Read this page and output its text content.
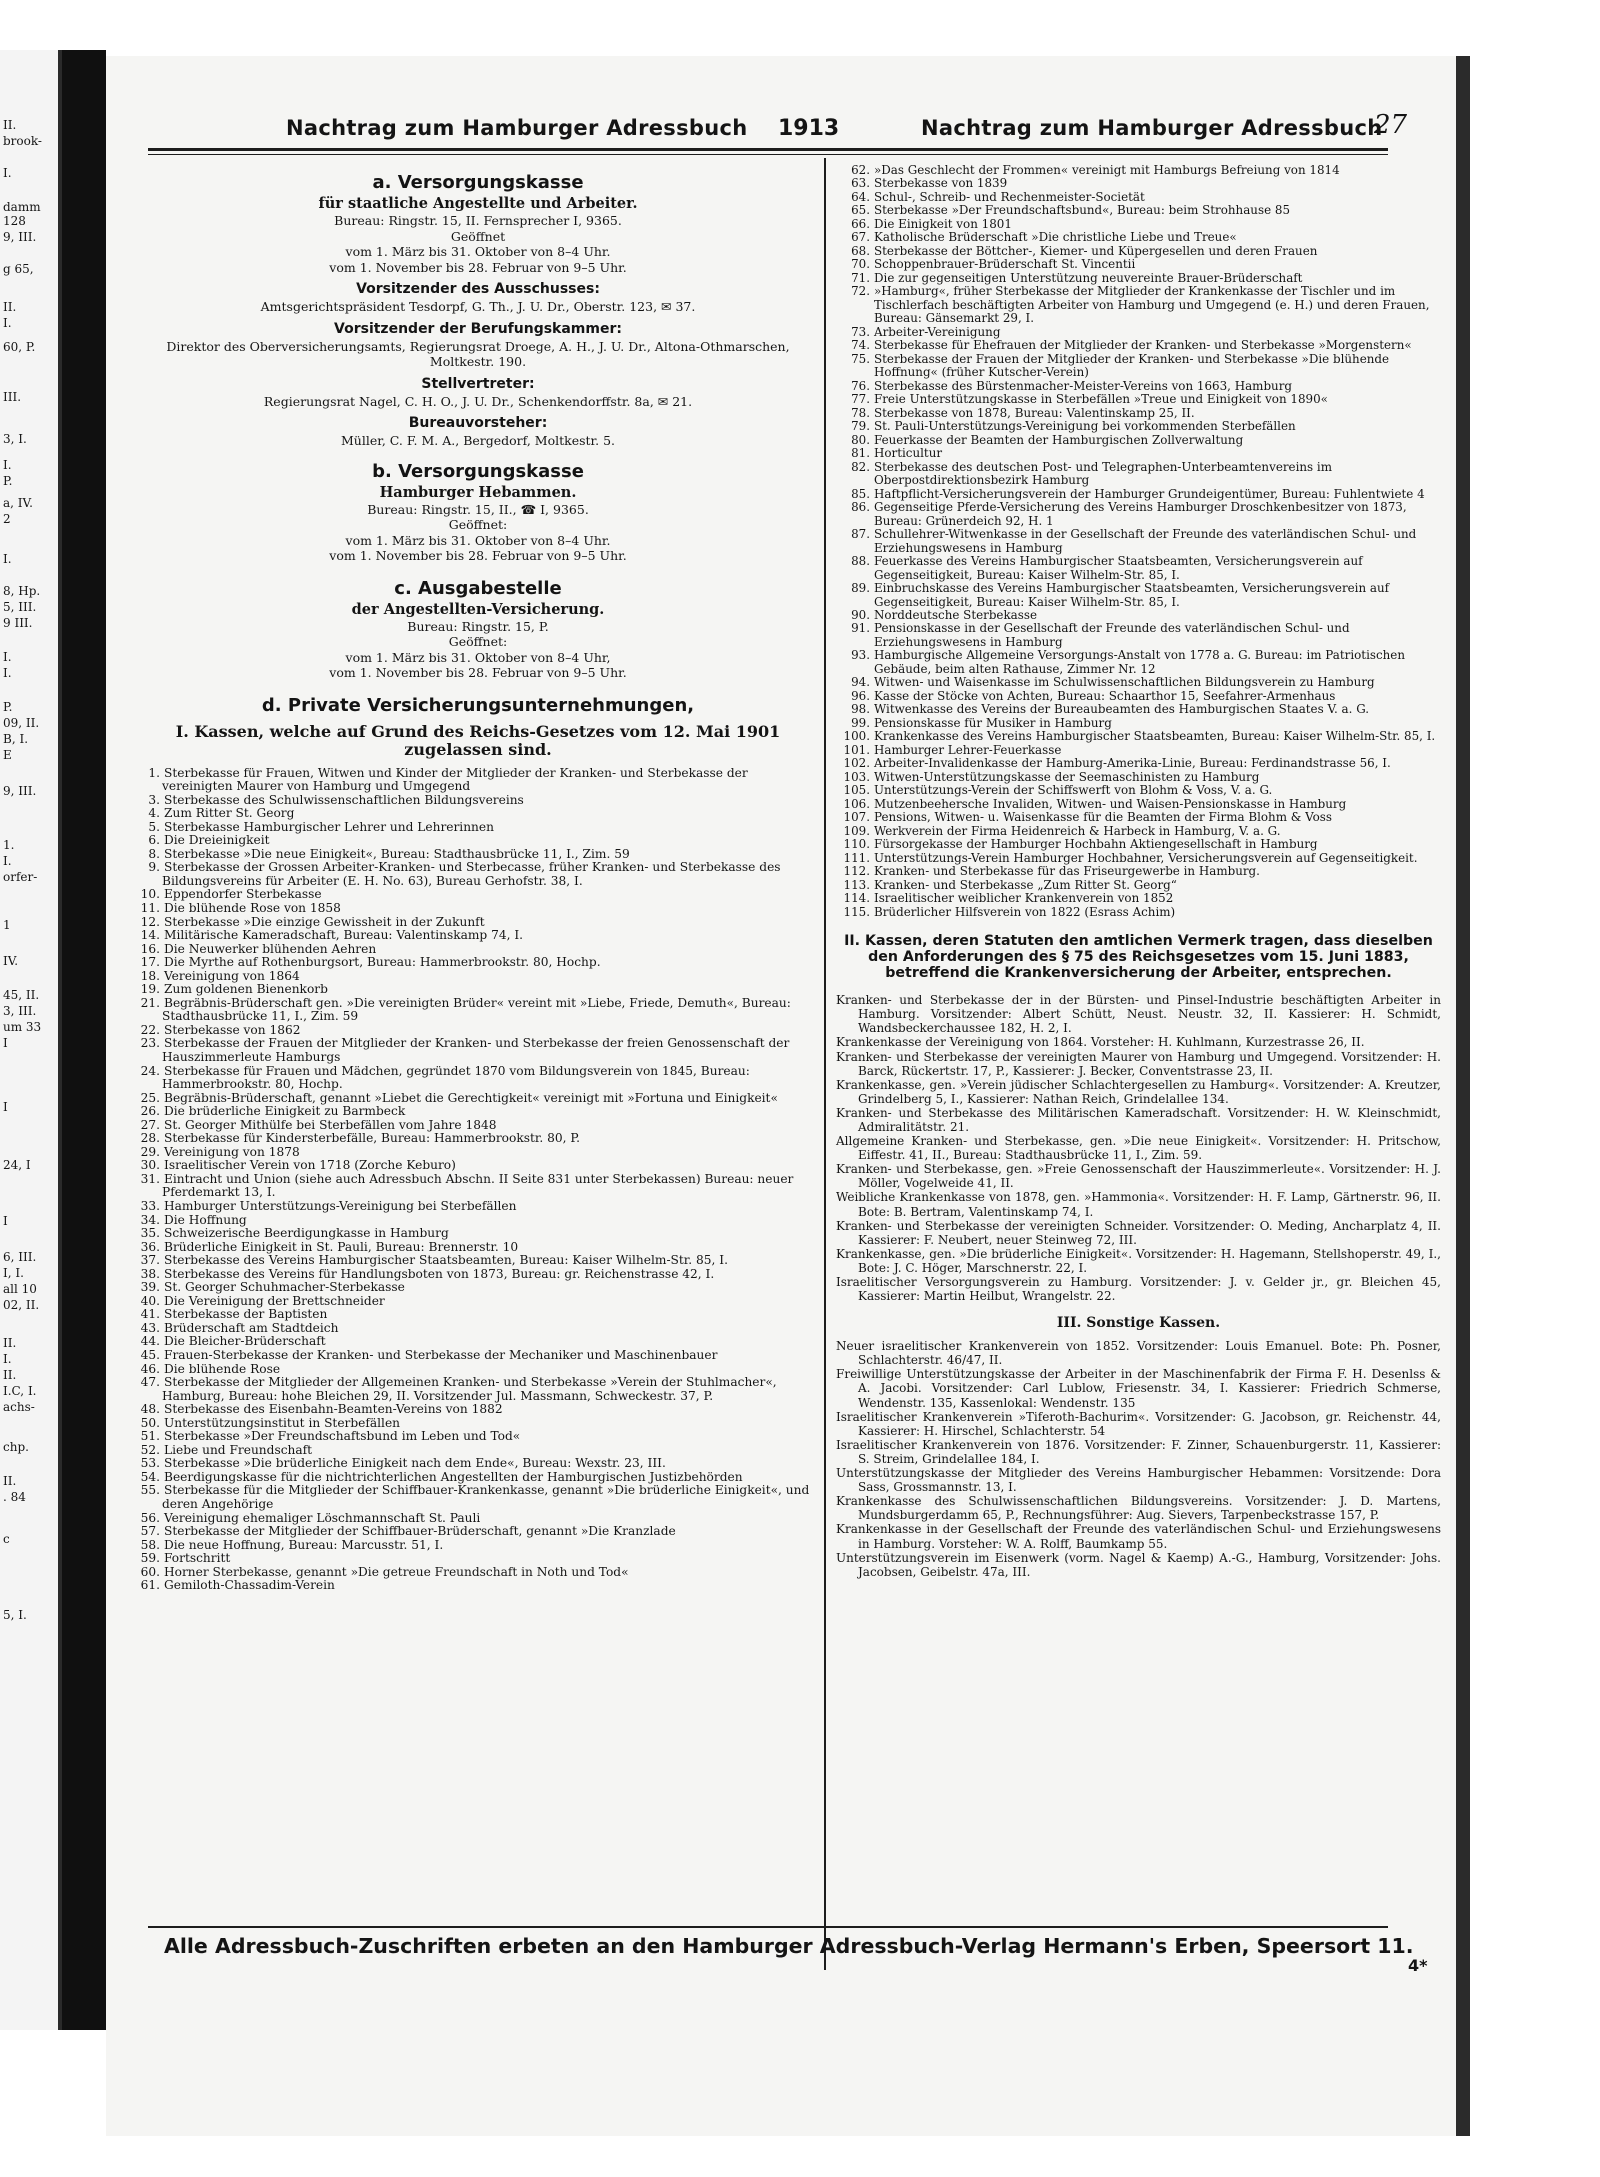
II.
brook-
I.
damm
128
9, III.
g 65,
II.
I.
60, P.
III.
3, I.
I.
P.
a, IV.
2
I.
8, Hp.
5, III.
9 III.
I.
I.
P.
09, II.
B, I.
E
9, III.
1.
I.
orfer-
1
IV.
45, II.
3, III.
um 33
I
I
24, I
I
6, III.
I, I.
all 10
02, II.
II.
I.
II.
I.C, I.
achs-
chp.
II.
. 84
c
5, I.
Nachtrag zum Hamburger Adressbuch 1913	Nachtrag zum Hamburger Adressbuch
27
a. Versorgungskasse
für staatliche Angestellte und Arbeiter.
Bureau: Ringstr. 15, II. Fernsprecher I, 9365.
Geöffnet
vom 1. März bis 31. Oktober von 8–4 Uhr.
vom 1. November bis 28. Februar von 9–5 Uhr.
Vorsitzender des Ausschusses:
Amtsgerichtspräsident Tesdorpf, G. Th., J. U. Dr., Oberstr. 123, ✉ 37.
Vorsitzender der Berufungskammer:
Direktor des Oberversicherungsamts, Regierungsrat Droege, A. H., J. U. Dr., Altona-Othmarschen, Moltkestr. 190.
Stellvertreter:
Regierungsrat Nagel, C. H. O., J. U. Dr., Schenkendorffstr. 8a, ✉ 21.
Bureauvorsteher:
Müller, C. F. M. A., Bergedorf, Moltkestr. 5.
b. Versorgungskasse
Hamburger Hebammen.
Bureau: Ringstr. 15, II., ☎ I, 9365.
Geöffnet:
vom 1. März bis 31. Oktober von 8–4 Uhr.
vom 1. November bis 28. Februar von 9–5 Uhr.
c. Ausgabestelle
der Angestellten-Versicherung.
Bureau: Ringstr. 15, P.
Geöffnet:
vom 1. März bis 31. Oktober von 8–4 Uhr,
vom 1. November bis 28. Februar von 9–5 Uhr.
d. Private Versicherungsunternehmungen,
I. Kassen, welche auf Grund des Reichs-Gesetzes vom 12. Mai 1901
zugelassen sind.
1. Sterbekasse für Frauen, Witwen und Kinder der Mitglieder der Kranken- und Sterbekasse der vereinigten Maurer von Hamburg und Umgegend
3. Sterbekasse des Schulwissenschaftlichen Bildungsvereins
4. Zum Ritter St. Georg
5. Sterbekasse Hamburgischer Lehrer und Lehrerinnen
6. Die Dreieinigkeit
8. Sterbekasse »Die neue Einigkeit«, Bureau: Stadthausbrücke 11, I., Zim. 59
9. Sterbekasse der Grossen Arbeiter-Kranken- und Sterbecasse, früher Kranken- und Sterbekasse des Bildungsvereins für Arbeiter (E. H. No. 63), Bureau Gerhofstr. 38, I.
10. Eppendorfer Sterbekasse
11. Die blühende Rose von 1858
12. Sterbekasse »Die einzige Gewissheit in der Zukunft
14. Militärische Kameradschaft, Bureau: Valentinskamp 74, I.
16. Die Neuwerker blühenden Aehren
17. Die Myrthe auf Rothenburgsort, Bureau: Hammerbrookstr. 80, Hochp.
18. Vereinigung von 1864
19. Zum goldenen Bienenkorb
21. Begräbnis-Brüderschaft gen. »Die vereinigten Brüder« vereint mit »Liebe, Friede, Demuth«, Bureau: Stadthausbrücke 11, I., Zim. 59
22. Sterbekasse von 1862
23. Sterbekasse der Frauen der Mitglieder der Kranken- und Sterbekasse der freien Genossenschaft der Hauszimmerleute Hamburgs
24. Sterbekasse für Frauen und Mädchen, gegründet 1870 vom Bildungsverein von 1845, Bureau: Hammerbrookstr. 80, Hochp.
25. Begräbnis-Brüderschaft, genannt »Liebet die Gerechtigkeit« vereinigt mit »Fortuna und Einigkeit«
26. Die brüderliche Einigkeit zu Barmbeck
27. St. Georger Mithülfe bei Sterbefällen vom Jahre 1848
28. Sterbekasse für Kindersterbefälle, Bureau: Hammerbrookstr. 80, P.
29. Vereinigung von 1878
30. Israelitischer Verein von 1718 (Zorche Keburo)
31. Eintracht und Union (siehe auch Adressbuch Abschn. II Seite 831 unter Sterbekassen) Bureau: neuer Pferdemarkt 13, I.
33. Hamburger Unterstützungs-Vereinigung bei Sterbefällen
34. Die Hoffnung
35. Schweizerische Beerdigungkasse in Hamburg
36. Brüderliche Einigkeit in St. Pauli, Bureau: Brennerstr. 10
37. Sterbekasse des Vereins Hamburgischer Staatsbeamten, Bureau: Kaiser Wilhelm-Str. 85, I.
38. Sterbekasse des Vereins für Handlungsboten von 1873, Bureau: gr. Reichenstrasse 42, I.
39. St. Georger Schuhmacher-Sterbekasse
40. Die Vereinigung der Brettschneider
41. Sterbekasse der Baptisten
43. Brüderschaft am Stadtdeich
44. Die Bleicher-Brüderschaft
45. Frauen-Sterbekasse der Kranken- und Sterbekasse der Mechaniker und Maschinenbauer
46. Die blühende Rose
47. Sterbekasse der Mitglieder der Allgemeinen Kranken- und Sterbekasse »Verein der Stuhlmacher«, Hamburg, Bureau: hohe Bleichen 29, II. Vorsitzender Jul. Massmann, Schweckestr. 37, P.
48. Sterbekasse des Eisenbahn-Beamten-Vereins von 1882
50. Unterstützungsinstitut in Sterbefällen
51. Sterbekasse »Der Freundschaftsbund im Leben und Tod«
52. Liebe und Freundschaft
53. Sterbekasse »Die brüderliche Einigkeit nach dem Ende«, Bureau: Wexstr. 23, III.
54. Beerdigungskasse für die nichtrichterlichen Angestellten der Hamburgischen Justizbehörden
55. Sterbekasse für die Mitglieder der Schiffbauer-Krankenkasse, genannt »Die brüderliche Einigkeit«, und deren Angehörige
56. Vereinigung ehemaliger Löschmannschaft St. Pauli
57. Sterbekasse der Mitglieder der Schiffbauer-Brüderschaft, genannt »Die Kranzlade
58. Die neue Hoffnung, Bureau: Marcusstr. 51, I.
59. Fortschritt
60. Horner Sterbekasse, genannt »Die getreue Freundschaft in Noth und Tod«
61. Gemiloth-Chassadim-Verein
62. »Das Geschlecht der Frommen« vereinigt mit Hamburgs Befreiung von 1814
63. Sterbekasse von 1839
64. Schul-, Schreib- und Rechenmeister-Societät
65. Sterbekasse »Der Freundschaftsbund«, Bureau: beim Strohhause 85
66. Die Einigkeit von 1801
67. Katholische Brüderschaft »Die christliche Liebe und Treue«
68. Sterbekasse der Böttcher-, Kiemer- und Küpergesellen und deren Frauen
70. Schoppenbrauer-Brüderschaft St. Vincentii
71. Die zur gegenseitigen Unterstützung neuvereinte Brauer-Brüderschaft
72. »Hamburg«, früher Sterbekasse der Mitglieder der Krankenkasse der Tischler und im Tischlerfach beschäftigten Arbeiter von Hamburg und Umgegend (e. H.) und deren Frauen, Bureau: Gänsemarkt 29, I.
73. Arbeiter-Vereinigung
74. Sterbekasse für Ehefrauen der Mitglieder der Kranken- und Sterbekasse »Morgenstern«
75. Sterbekasse der Frauen der Mitglieder der Kranken- und Sterbekasse »Die blühende Hoffnung« (früher Kutscher-Verein)
76. Sterbekasse des Bürstenmacher-Meister-Vereins von 1663, Hamburg
77. Freie Unterstützungskasse in Sterbefällen »Treue und Einigkeit von 1890«
78. Sterbekasse von 1878, Bureau: Valentinskamp 25, II.
79. St. Pauli-Unterstützungs-Vereinigung bei vorkommenden Sterbefällen
80. Feuerkasse der Beamten der Hamburgischen Zollverwaltung
81. Horticultur
82. Sterbekasse des deutschen Post- und Telegraphen-Unterbeamtenvereins im Oberpostdirektionsbezirk Hamburg
85. Haftpflicht-Versicherungsverein der Hamburger Grundeigentümer, Bureau: Fuhlentwiete 4
86. Gegenseitige Pferde-Versicherung des Vereins Hamburger Droschkenbesitzer von 1873, Bureau: Grünerdeich 92, H. 1
87. Schullehrer-Witwenkasse in der Gesellschaft der Freunde des vaterländischen Schul- und Erziehungswesens in Hamburg
88. Feuerkasse des Vereins Hamburgischer Staatsbeamten, Versicherungsverein auf Gegenseitigkeit, Bureau: Kaiser Wilhelm-Str. 85, I.
89. Einbruchskasse des Vereins Hamburgischer Staatsbeamten, Versicherungsverein auf Gegenseitigkeit, Bureau: Kaiser Wilhelm-Str. 85, I.
90. Norddeutsche Sterbekasse
91. Pensionskasse in der Gesellschaft der Freunde des vaterländischen Schul- und Erziehungswesens in Hamburg
93. Hamburgische Allgemeine Versorgungs-Anstalt von 1778 a. G. Bureau: im Patriotischen Gebäude, beim alten Rathause, Zimmer Nr. 12
94. Witwen- und Waisenkasse im Schulwissenschaftlichen Bildungsverein zu Hamburg
96. Kasse der Stöcke von Achten, Bureau: Schaarthor 15, Seefahrer-Armenhaus
98. Witwenkasse des Vereins der Bureaubeamten des Hamburgischen Staates V. a. G.
99. Pensionskasse für Musiker in Hamburg
100. Krankenkasse des Vereins Hamburgischer Staatsbeamten, Bureau: Kaiser Wilhelm-Str. 85, I.
101. Hamburger Lehrer-Feuerkasse
102. Arbeiter-Invalidenkasse der Hamburg-Amerika-Linie, Bureau: Ferdinandstrasse 56, I.
103. Witwen-Unterstützungskasse der Seemaschinisten zu Hamburg
105. Unterstützungs-Verein der Schiffswerft von Blohm & Voss, V. a. G.
106. Mutzenbeehersche Invaliden, Witwen- und Waisen-Pensionskasse in Hamburg
107. Pensions, Witwen- u. Waisenkasse für die Beamten der Firma Blohm & Voss
109. Werkverein der Firma Heidenreich & Harbeck in Hamburg, V. a. G.
110. Fürsorgekasse der Hamburger Hochbahn Aktiengesellschaft in Hamburg
111. Unterstützungs-Verein Hamburger Hochbahner, Versicherungsverein auf Gegenseitigkeit.
112. Kranken- und Sterbekasse für das Friseurgewerbe in Hamburg.
113. Kranken- und Sterbekasse „Zum Ritter St. Georg“
114. Israelitischer weiblicher Krankenverein von 1852
115. Brüderlicher Hilfsverein von 1822 (Esrass Achim)
II. Kassen, deren Statuten den amtlichen Vermerk tragen, dass dieselben den Anforderungen des § 75 des Reichsgesetzes vom 15. Juni 1883, betreffend die Krankenversicherung der Arbeiter, entsprechen.

Kranken- und Sterbekasse der in der Bürsten- und Pinsel-Industrie beschäftigten Arbeiter in Hamburg. Vorsitzender: Albert Schütt, Neust. Neustr. 32, II. Kassierer: H. Schmidt, Wandsbeckerchaussee 182, H. 2, I.

Krankenkasse der Vereinigung von 1864. Vorsteher: H. Kuhlmann, Kurzestrasse 26, II.

Kranken- und Sterbekasse der vereinigten Maurer von Hamburg und Umgegend. Vorsitzender: H. Barck, Rückertstr. 17, P., Kassierer: J. Becker, Conventstrasse 23, II.

Krankenkasse, gen. »Verein jüdischer Schlachtergesellen zu Hamburg«. Vorsitzender: A. Kreutzer, Grindelberg 5, I., Kassierer: Nathan Reich, Grindelallee 134.

Kranken- und Sterbekasse des Militärischen Kameradschaft. Vorsitzender: H. W. Kleinschmidt, Admiralitätstr. 21.

Allgemeine Kranken- und Sterbekasse, gen. »Die neue Einigkeit«. Vorsitzender: H. Pritschow, Eiffestr. 41, II., Bureau: Stadthausbrücke 11, I., Zim. 59.

Kranken- und Sterbekasse, gen. »Freie Genossenschaft der Hauszimmerleute«. Vorsitzender: H. J. Möller, Vogelweide 41, II.

Weibliche Krankenkasse von 1878, gen. »Hammonia«. Vorsitzender: H. F. Lamp, Gärtnerstr. 96, II. Bote: B. Bertram, Valentinskamp 74, I.

Kranken- und Sterbekasse der vereinigten Schneider. Vorsitzender: O. Meding, Ancharplatz 4, II. Kassierer: F. Neubert, neuer Steinweg 72, III.

Krankenkasse, gen. »Die brüderliche Einigkeit«. Vorsitzender: H. Hagemann, Stellshoperstr. 49, I., Bote: J. C. Höger, Marschnerstr. 22, I.

Israelitischer Versorgungsverein zu Hamburg. Vorsitzender: J. v. Gelder jr., gr. Bleichen 45, Kassierer: Martin Heilbut, Wrangelstr. 22.

III. Sonstige Kassen.

Neuer israelitischer Krankenverein von 1852. Vorsitzender: Louis Emanuel. Bote: Ph. Posner, Schlachterstr. 46/47, II.

Freiwillige Unterstützungskasse der Arbeiter in der Maschinenfabrik der Firma F. H. Desenlss & A. Jacobi. Vorsitzender: Carl Lublow, Friesenstr. 34, I. Kassierer: Friedrich Schmerse, Wendenstr. 135, Kassenlokal: Wendenstr. 135

Israelitischer Krankenverein »Tiferoth-Bachurim«. Vorsitzender: G. Jacobson, gr. Reichenstr. 44, Kassierer: H. Hirschel, Schlachterstr. 54

Israelitischer Krankenverein von 1876. Vorsitzender: F. Zinner, Schauenburgerstr. 11, Kassierer: S. Streim, Grindelallee 184, I.

Unterstützungskasse der Mitglieder des Vereins Hamburgischer Hebammen: Vorsitzende: Dora Sass, Grossmannstr. 13, I.

Krankenkasse des Schulwissenschaftlichen Bildungsvereins. Vorsitzender: J. D. Martens, Mundsburgerdamm 65, P., Rechnungsführer: Aug. Sievers, Tarpenbeckstrasse 157, P.

Krankenkasse in der Gesellschaft der Freunde des vaterländischen Schul- und Erziehungswesens in Hamburg. Vorsteher: W. A. Rolff, Baumkamp 55.

Unterstützungsverein im Eisenwerk (vorm. Nagel & Kaemp) A.-G., Hamburg, Vorsitzender: Johs. Jacobsen, Geibelstr. 47a, III.

Alle Adressbuch-Zuschriften erbeten an den Hamburger Adressbuch-Verlag Hermann's Erben, Speersort 11.
4*
